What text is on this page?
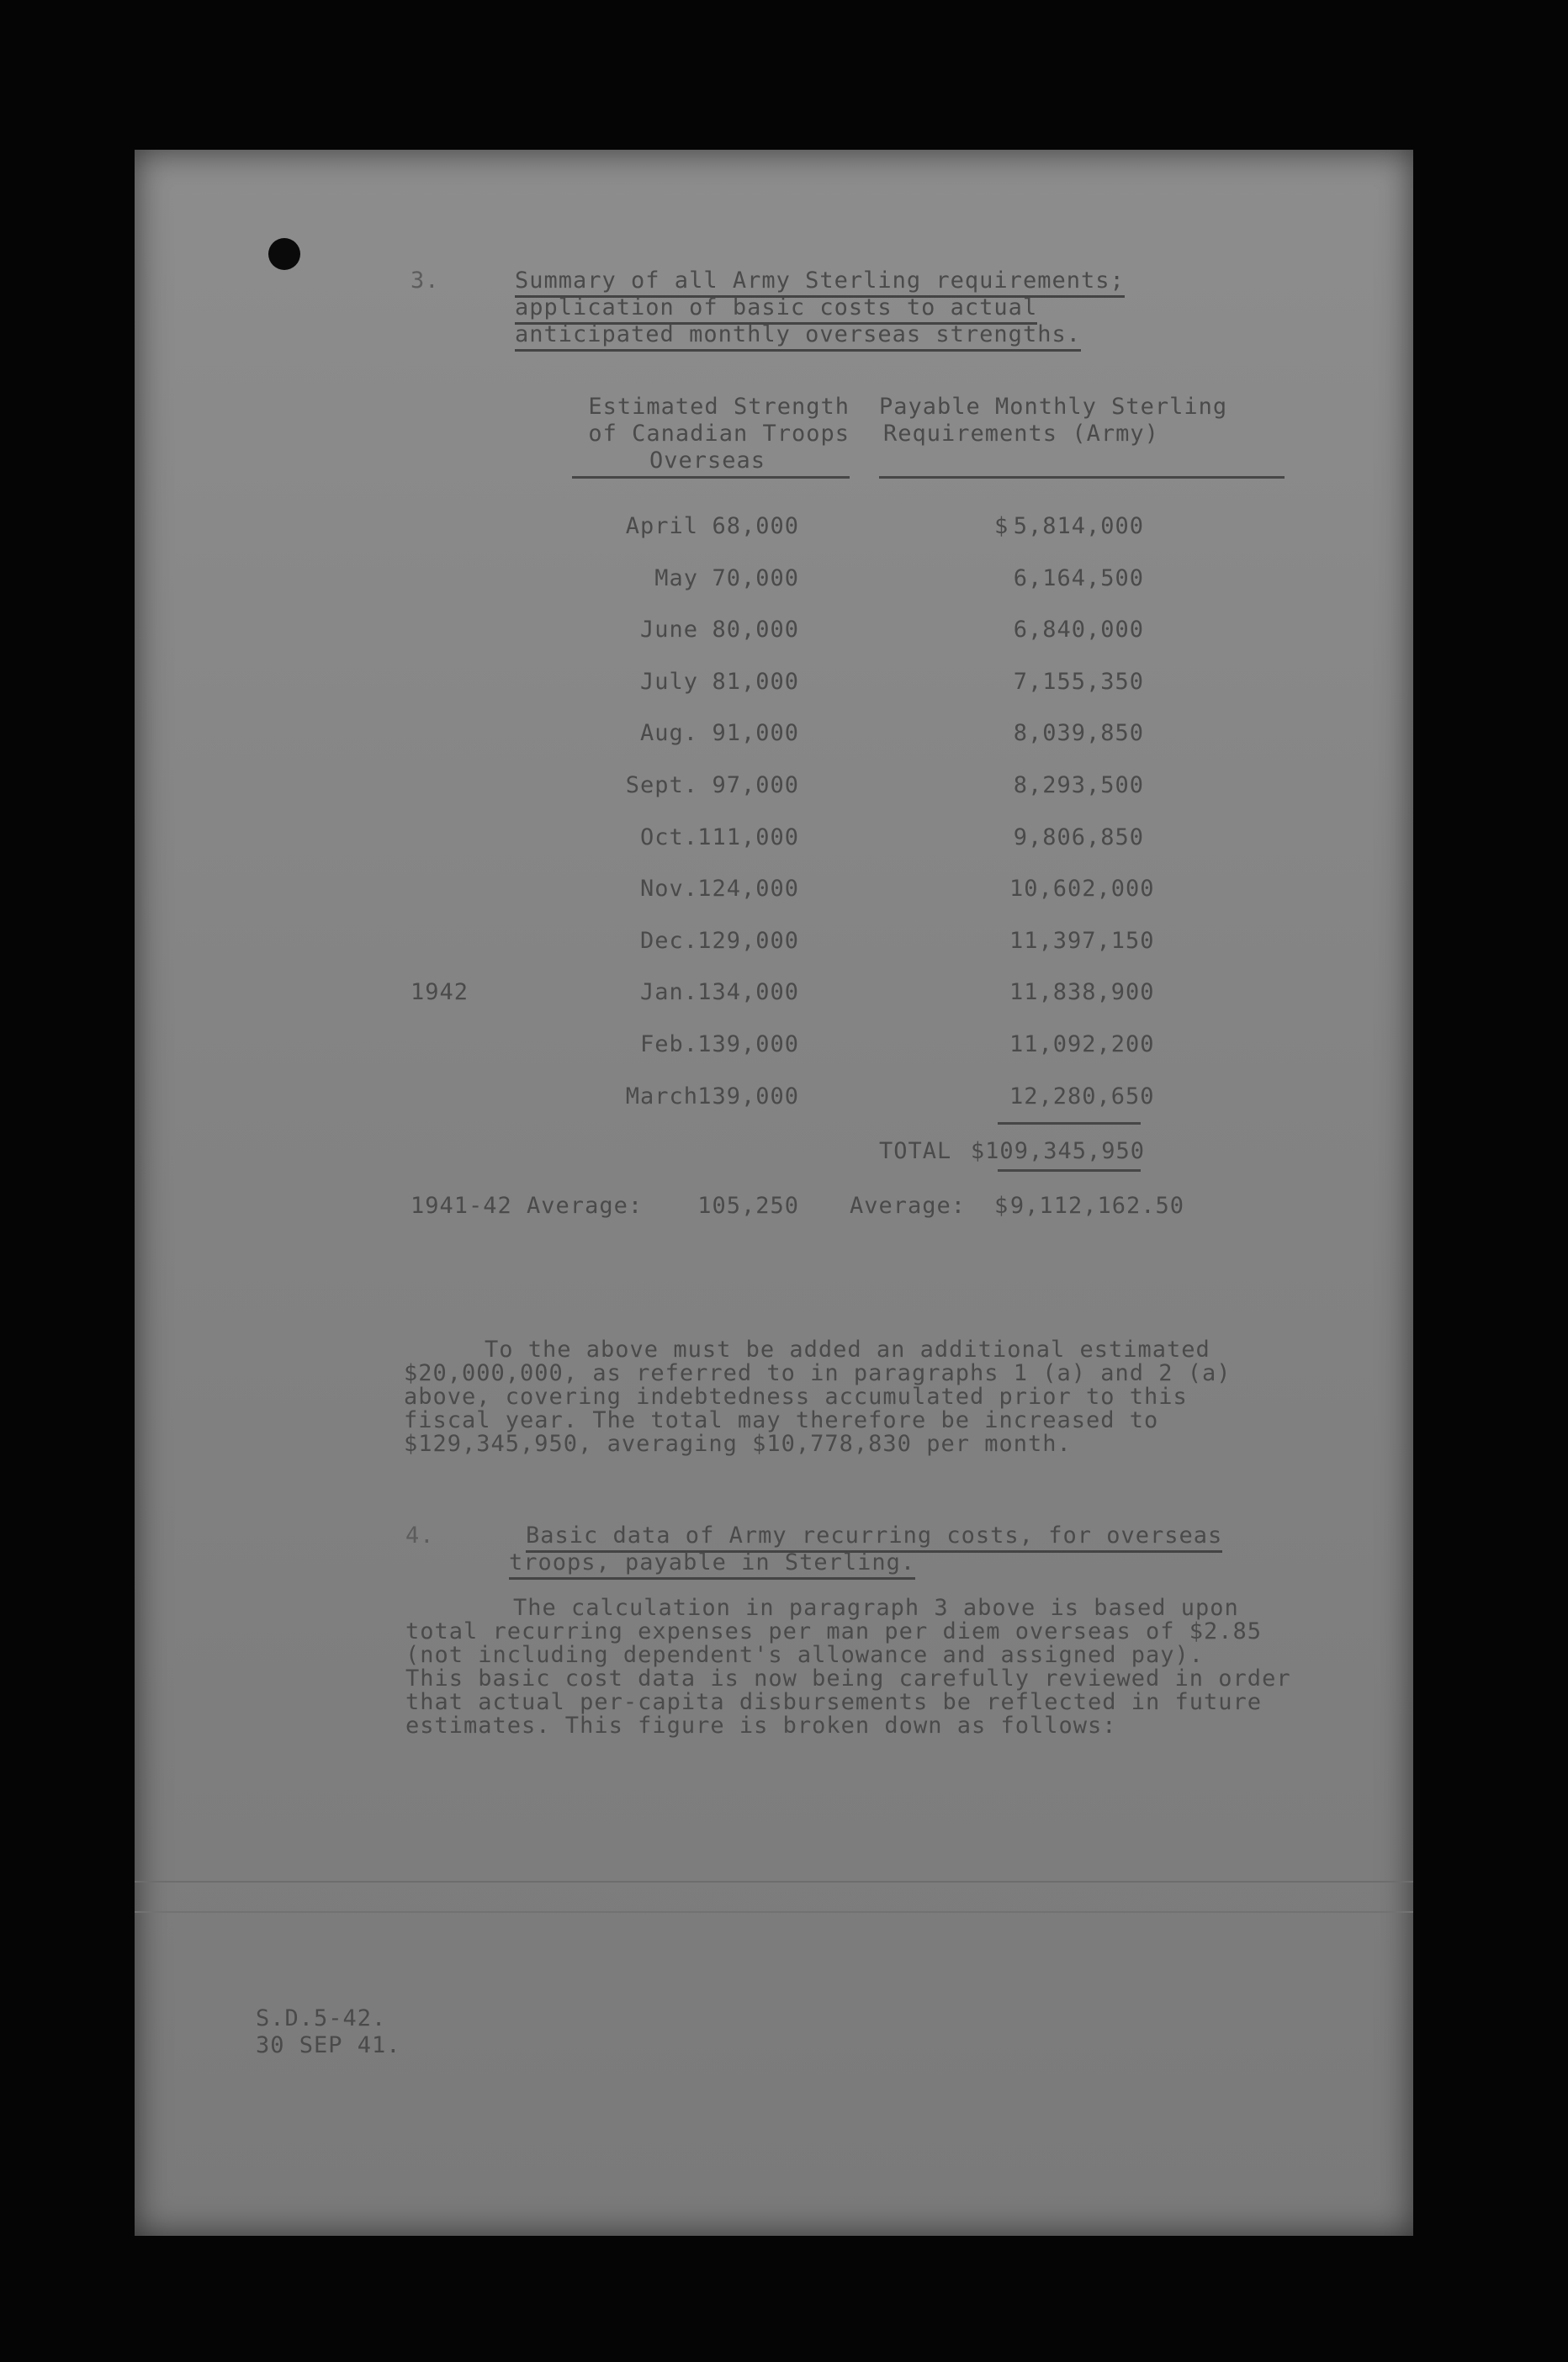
3.	Summary of all Army Sterling requirements;
application of basic costs to actual
anticipated monthly overseas strengths.
Estimated Strength
of Canadian Troops
Overseas
Payable Monthly Sterling
Requirements (Army)
April 68,000	$ 5,814,000
May 70,000	6,164,500
June 80,000	6,840,000
July 81,000	7,155,350
Aug. 91,000	8,039,850
Sept. 97,000	8,293,500
Oct. 111,000	9,806,850
Nov. 124,000	10,602,000
Dec. 129,000	11,397,150
1942	Jan. 134,000	11,838,900
Feb. 139,000	11,092,200
March 139,000	12,280,650
TOTAL $109,345,950
1941-42 Average:	105,250 Average: $ 9,112,162.50
To the above must be added an additional estimated
$20,000,000, as referred to in paragraphs 1 (a) and 2 (a)
above, covering indebtedness accumulated prior to this
fiscal year. The total may therefore be increased to
$129,345,950, averaging $10,778,830 per month.
4.	Basic data of Army recurring costs, for overseas
troops, payable in Sterling.
The calculation in paragraph 3 above is based upon
total recurring expenses per man per diem overseas of $2.85
(not including dependent's allowance and assigned pay).
This basic cost data is now being carefully reviewed in order
that actual per-capita disbursements be reflected in future
estimates. This figure is broken down as follows:
S.D.5-42.
30 SEP 41.
